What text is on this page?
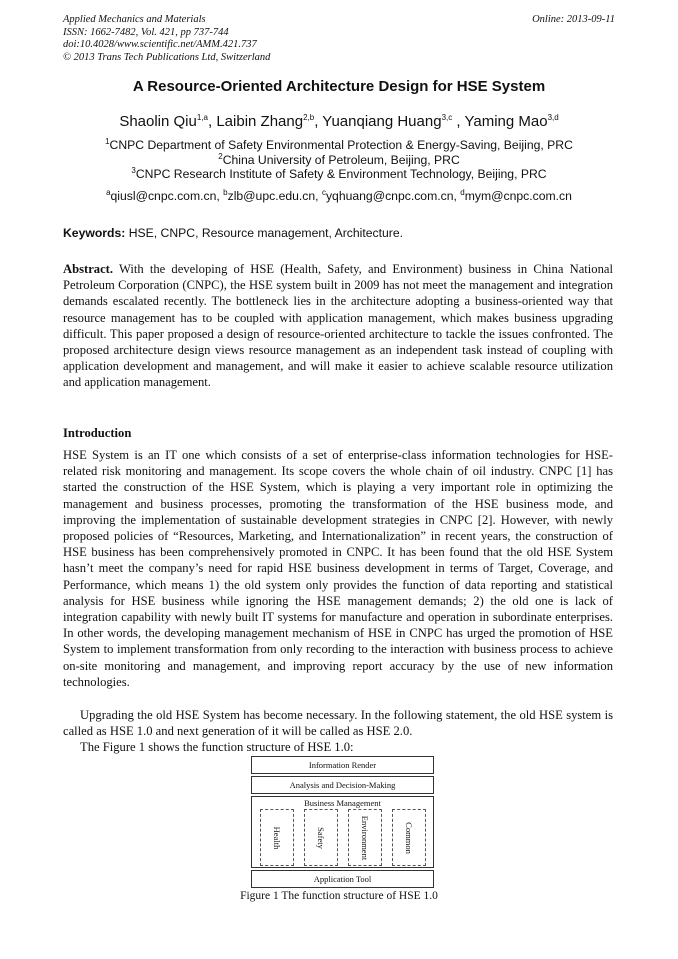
Applied Mechanics and Materials
ISSN: 1662-7482, Vol. 421, pp 737-744
doi:10.4028/www.scientific.net/AMM.421.737
© 2013 Trans Tech Publications Ltd, Switzerland
Online: 2013-09-11
A Resource-Oriented Architecture Design for HSE System
Shaolin Qiu$^{1,a}$, Laibin Zhang$^{2,b}$, Yuanqiang Huang$^{3,c}$ , Yaming Mao$^{3,d}$
$^1$CNPC Department of Safety Environmental Protection & Energy-Saving, Beijing, PRC
$^2$China University of Petroleum, Beijing, PRC
$^3$CNPC Research Institute of Safety & Environment Technology, Beijing, PRC
$^a$qiusl@cnpc.com.cn, $^b$zlb@upc.edu.cn, $^c$yqhuang@cnpc.com.cn, $^d$mym@cnpc.com.cn
Keywords: HSE, CNPC, Resource management, Architecture.
Abstract. With the developing of HSE (Health, Safety, and Environment) business in China National Petroleum Corporation (CNPC), the HSE system built in 2009 has not meet the management and integration demands escalated recently. The bottleneck lies in the architecture adopting a business-oriented way that resource management has to be coupled with application management, which makes business upgrading difficult. This paper proposed a design of resource-oriented architecture to tackle the issues confronted. The proposed architecture design views resource management as an independent task instead of coupling with application development and management, and will make it easier to achieve scalable resource utilization and application management.
Introduction
HSE System is an IT one which consists of a set of enterprise-class information technologies for HSE-related risk monitoring and management. Its scope covers the whole chain of oil industry. CNPC [1] has started the construction of the HSE System, which is playing a very important role in optimizing the management and business processes, promoting the transformation of the HSE business mode, and improving the implementation of sustainable development strategies in CNPC [2]. However, with newly proposed policies of “Resources, Marketing, and Internationalization” in recent years, the construction of HSE business has been comprehensively promoted in CNPC. It has been found that the old HSE System hasn’t meet the company’s need for rapid HSE business development in terms of Target, Coverage, and Performance, which means 1) the old system only provides the function of data reporting and statistical analysis for HSE business while ignoring the HSE management demands; 2) the old one is lack of integration capability with newly built IT systems for manufacture and operation in subordinate enterprises. In other words, the developing management mechanism of HSE in CNPC has urged the promotion of HSE System to implement transformation from only recording to the interaction with business process to achieve on-site monitoring and management, and improving report accuracy by the use of new information technologies.
Upgrading the old HSE System has become necessary. In the following statement, the old HSE system is called as HSE 1.0 and next generation of it will be called as HSE 2.0.
The Figure 1 shows the function structure of HSE 1.0:
Information Render
Analysis and Decision-Making
Business Management
Health	Safety	Environment	Common
Application Tool
Figure 1 The function structure of HSE 1.0
